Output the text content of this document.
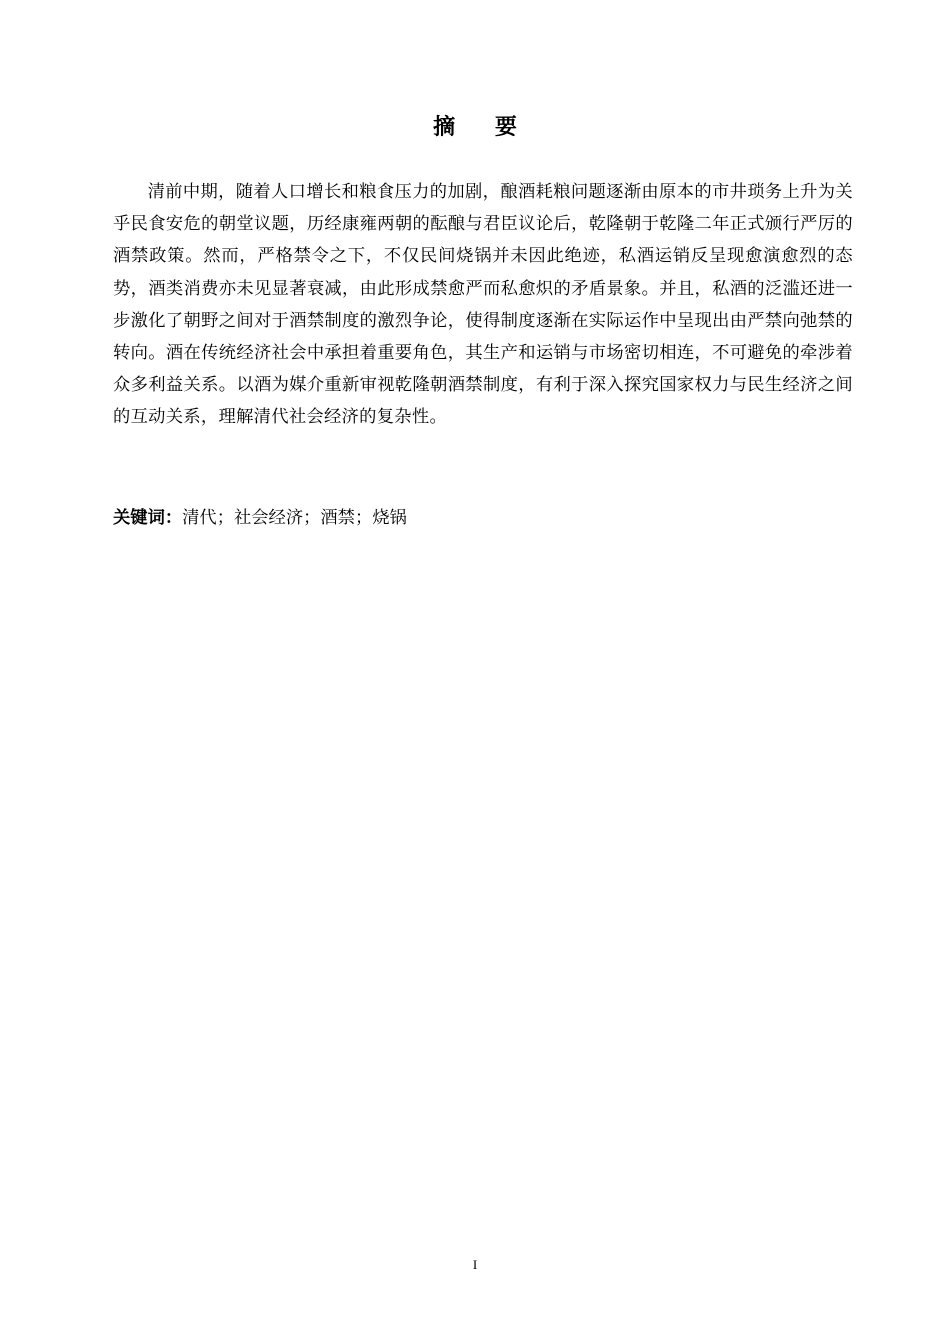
摘 要

清前中期，随着人口增长和粮食压力的加剧，酿酒耗粮问题逐渐由原本的市井琐务上升为关乎民食安危的朝堂议题，历经康雍两朝的酝酿与君臣议论后，乾隆朝于乾隆二年正式颁行严厉的酒禁政策。然而，严格禁令之下，不仅民间烧锅并未因此绝迹，私酒运销反呈现愈演愈烈的态势，酒类消费亦未见显著衰减，由此形成禁愈严而私愈炽的矛盾景象。并且，私酒的泛滥还进一步激化了朝野之间对于酒禁制度的激烈争论，使得制度逐渐在实际运作中呈现出由严禁向弛禁的转向。酒在传统经济社会中承担着重要角色，其生产和运销与市场密切相连，不可避免的牵涉着众多利益关系。以酒为媒介重新审视乾隆朝酒禁制度，有利于深入探究国家权力与民生经济之间的互动关系，理解清代社会经济的复杂性。

关键词：清代；社会经济；酒禁；烧锅

I
